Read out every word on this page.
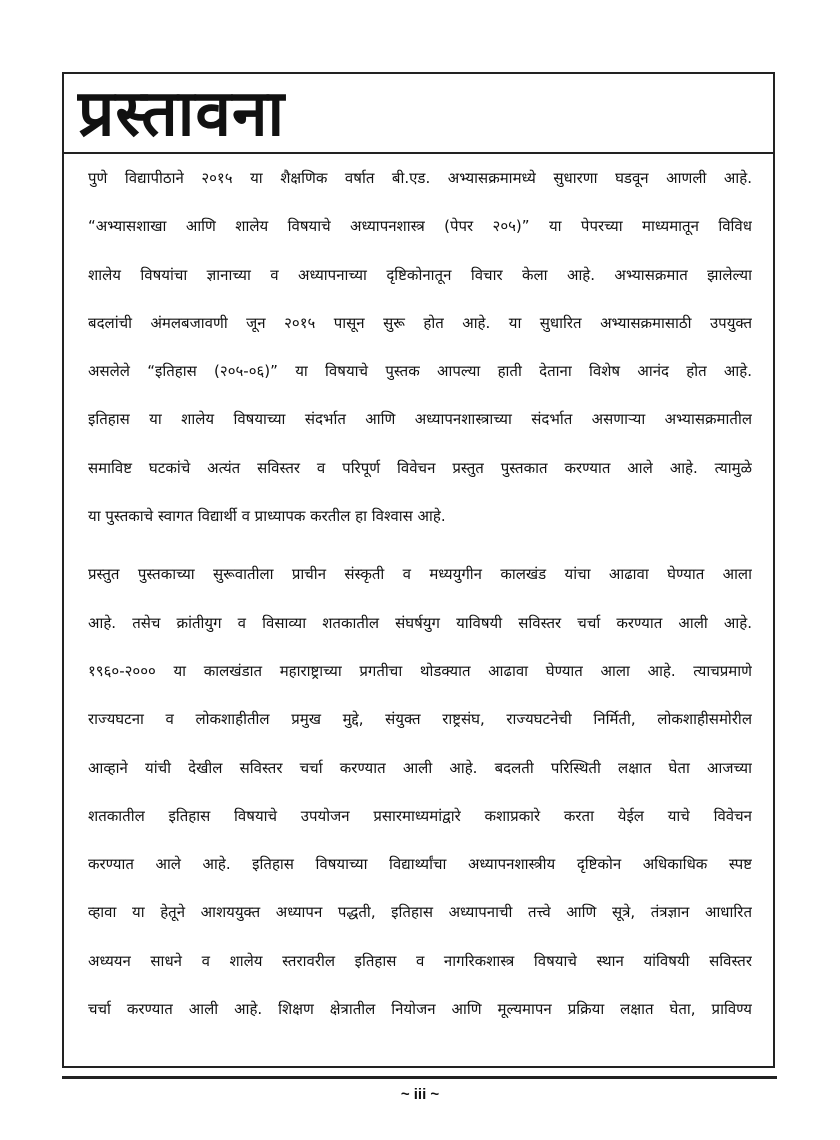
प्रस्तावना

पुणे विद्यापीठाने २०१५ या शैक्षणिक वर्षात बी.एड. अभ्यासक्रमामध्ये सुधारणा घडवून आणली आहे.

“अभ्यासशाखा आणि शालेय विषयाचे अध्यापनशास्त्र (पेपर २०५)” या पेपरच्या माध्यमातून विविध

शालेय विषयांचा ज्ञानाच्या व अध्यापनाच्या दृष्टिकोनातून विचार केला आहे. अभ्यासक्रमात झालेल्या

बदलांची अंमलबजावणी जून २०१५ पासून सुरू होत आहे. या सुधारित अभ्यासक्रमासाठी उपयुक्त

असलेले “इतिहास (२०५-०६)” या विषयाचे पुस्तक आपल्या हाती देताना विशेष आनंद होत आहे.

इतिहास या शालेय विषयाच्या संदर्भात आणि अध्यापनशास्त्राच्या संदर्भात असणाऱ्या अभ्यासक्रमातील

समाविष्ट घटकांचे अत्यंत सविस्तर व परिपूर्ण विवेचन प्रस्तुत पुस्तकात करण्यात आले आहे. त्यामुळे

या पुस्तकाचे स्वागत विद्यार्थी व प्राध्यापक करतील हा विश्वास आहे.

प्रस्तुत पुस्तकाच्या सुरूवातीला प्राचीन संस्कृती व मध्ययुगीन कालखंड यांचा आढावा घेण्यात आला

आहे. तसेच क्रांतीयुग व विसाव्या शतकातील संघर्षयुग याविषयी सविस्तर चर्चा करण्यात आली आहे.

१९६०-२००० या कालखंडात महाराष्ट्राच्या प्रगतीचा थोडक्यात आढावा घेण्यात आला आहे. त्याचप्रमाणे

राज्यघटना व लोकशाहीतील प्रमुख मुद्दे, संयुक्त राष्ट्रसंघ, राज्यघटनेची निर्मिती, लोकशाहीसमोरील

आव्हाने यांची देखील सविस्तर चर्चा करण्यात आली आहे. बदलती परिस्थिती लक्षात घेता आजच्या

शतकातील इतिहास विषयाचे उपयोजन प्रसारमाध्यमांद्वारे कशाप्रकारे करता येईल याचे विवेचन

करण्यात आले आहे. इतिहास विषयाच्या विद्यार्थ्यांचा अध्यापनशास्त्रीय दृष्टिकोन अधिकाधिक स्पष्ट

व्हावा या हेतूने आशययुक्त अध्यापन पद्धती, इतिहास अध्यापनाची तत्त्वे आणि सूत्रे, तंत्रज्ञान आधारित

अध्ययन साधने व शालेय स्तरावरील इतिहास व नागरिकशास्त्र विषयाचे स्थान यांविषयी सविस्तर

चर्चा करण्यात आली आहे. शिक्षण क्षेत्रातील नियोजन आणि मूल्यमापन प्रक्रिया लक्षात घेता, प्राविण्य

~ iii ~
